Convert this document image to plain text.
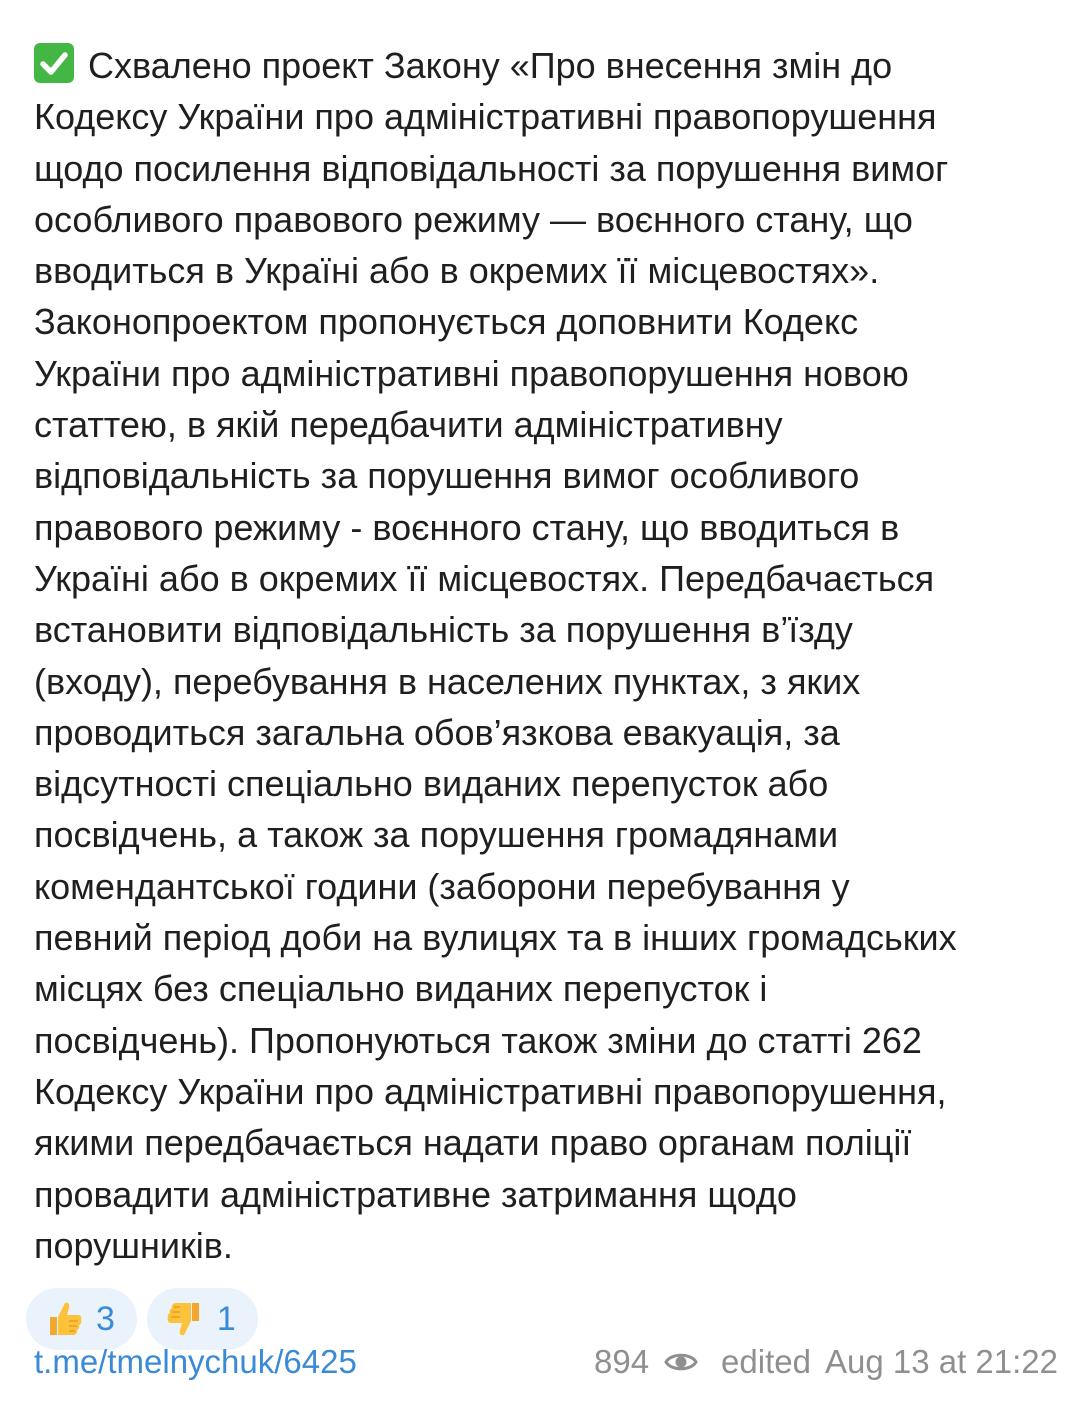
Схвалено проект Закону «Про внесення змін до
Кодексу України про адміністративні правопорушення
щодо посилення відповідальності за порушення вимог
особливого правового режиму — воєнного стану, що
вводиться в Україні або в окремих її місцевостях».
Законопроектом пропонується доповнити Кодекс
України про адміністративні правопорушення новою
статтею, в якій передбачити адміністративну
відповідальність за порушення вимог особливого
правового режиму - воєнного стану, що вводиться в
Україні або в окремих її місцевостях. Передбачається
встановити відповідальність за порушення в’їзду
(входу), перебування в населених пунктах, з яких
проводиться загальна обов’язкова евакуація, за
відсутності спеціально виданих перепусток або
посвідчень, а також за порушення громадянами
комендантської години (заборони перебування у
певний період доби на вулицях та в інших громадських
місцях без спеціально виданих перепусток і
посвідчень). Пропонуються також зміни до статті 262
Кодексу України про адміністративні правопорушення,
якими передбачається надати право органам поліції
провадити адміністративне затримання щодо
порушників.
3	1
t.me/tmelnychuk/6425	894 edited Aug 13 at 21:22
